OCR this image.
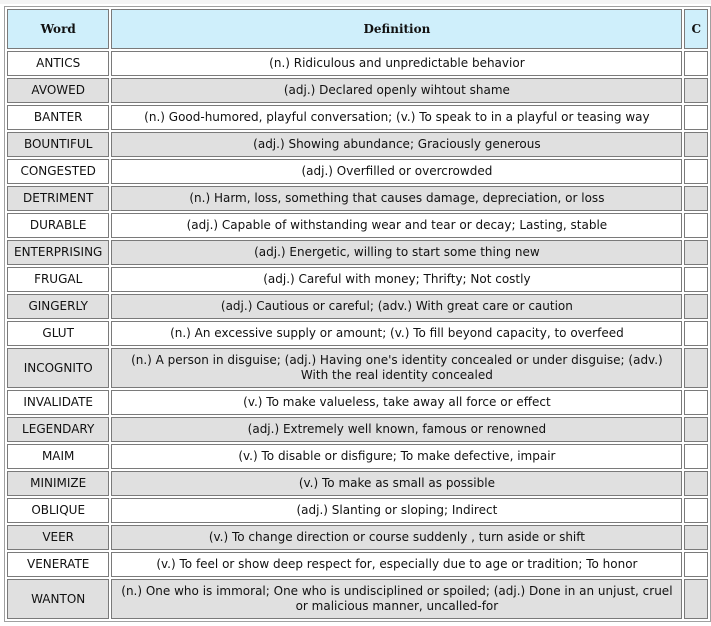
Word	Definition	C
ANTICS	(n.) Ridiculous and unpredictable behavior	
AVOWED	(adj.) Declared openly wihtout shame	
BANTER	(n.) Good-humored, playful conversation; (v.) To speak to in a playful or teasing way	
BOUNTIFUL	(adj.) Showing abundance; Graciously generous	
CONGESTED	(adj.) Overfilled or overcrowded	
DETRIMENT	(n.) Harm, loss, something that causes damage, depreciation, or loss	
DURABLE	(adj.) Capable of withstanding wear and tear or decay; Lasting, stable	
ENTERPRISING	(adj.) Energetic, willing to start some thing new	
FRUGAL	(adj.) Careful with money; Thrifty; Not costly	
GINGERLY	(adj.) Cautious or careful; (adv.) With great care or caution	
GLUT	(n.) An excessive supply or amount; (v.) To fill beyond capacity, to overfeed	
INCOGNITO	(n.) A person in disguise; (adj.) Having one's identity concealed or under disguise; (adv.) With the real identity concealed	
INVALIDATE	(v.) To make valueless, take away all force or effect	
LEGENDARY	(adj.) Extremely well known, famous or renowned	
MAIM	(v.) To disable or disfigure; To make defective, impair	
MINIMIZE	(v.) To make as small as possible	
OBLIQUE	(adj.) Slanting or sloping; Indirect	
VEER	(v.) To change direction or course suddenly , turn aside or shift	
VENERATE	(v.) To feel or show deep respect for, especially due to age or tradition; To honor	
WANTON	(n.) One who is immoral; One who is undisciplined or spoiled; (adj.) Done in an unjust, cruel or malicious manner, uncalled-for	
